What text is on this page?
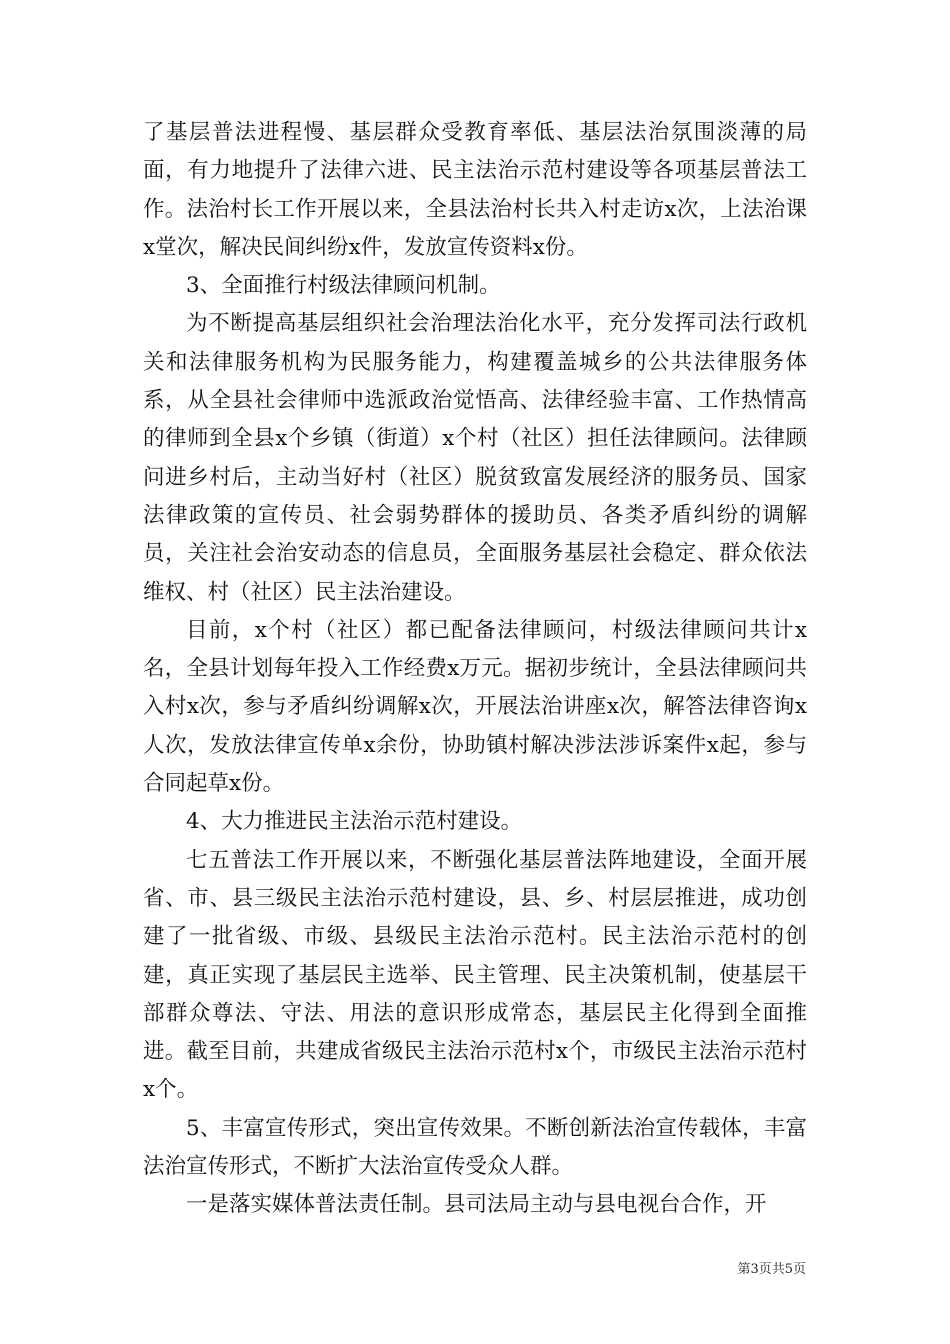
了基层普法进程慢、基层群众受教育率低、基层法治氛围淡薄的局面，有力地提升了法律六进、民主法治示范村建设等各项基层普法工作。法治村长工作开展以来，全县法治村长共入村走访x次，上法治课x堂次，解决民间纠纷x件，发放宣传资料x份。

3、全面推行村级法律顾问机制。

为不断提高基层组织社会治理法治化水平，充分发挥司法行政机关和法律服务机构为民服务能力，构建覆盖城乡的公共法律服务体系，从全县社会律师中选派政治觉悟高、法律经验丰富、工作热情高的律师到全县x个乡镇（街道）x个村（社区）担任法律顾问。法律顾问进乡村后，主动当好村（社区）脱贫致富发展经济的服务员、国家法律政策的宣传员、社会弱势群体的援助员、各类矛盾纠纷的调解员，关注社会治安动态的信息员，全面服务基层社会稳定、群众依法维权、村（社区）民主法治建设。

目前，x个村（社区）都已配备法律顾问，村级法律顾问共计x名，全县计划每年投入工作经费x万元。据初步统计，全县法律顾问共入村x次，参与矛盾纠纷调解x次，开展法治讲座x次，解答法律咨询x人次，发放法律宣传单x余份，协助镇村解决涉法涉诉案件x起，参与合同起草x份。

4、大力推进民主法治示范村建设。

七五普法工作开展以来，不断强化基层普法阵地建设，全面开展省、市、县三级民主法治示范村建设，县、乡、村层层推进，成功创建了一批省级、市级、县级民主法治示范村。民主法治示范村的创建，真正实现了基层民主选举、民主管理、民主决策机制，使基层干部群众尊法、守法、用法的意识形成常态，基层民主化得到全面推进。截至目前，共建成省级民主法治示范村x个，市级民主法治示范村x个。

5、丰富宣传形式，突出宣传效果。不断创新法治宣传载体，丰富法治宣传形式，不断扩大法治宣传受众人群。

一是落实媒体普法责任制。县司法局主动与县电视台合作，开

第3页共5页
